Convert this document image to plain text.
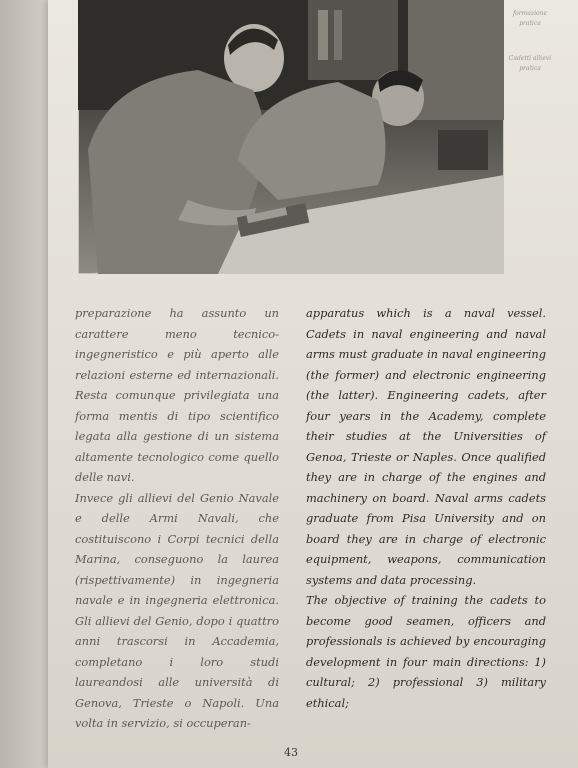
formazione
pratica
Cadetti allievi
pratica

preparazione ha assunto un carattere meno tecnico-ingegneristico e più aperto alle relazioni esterne ed internazionali. Resta comunque privilegiata una forma mentis di tipo scientifico legata alla gestione di un sistema altamente tecnologico come quello delle navi.

Invece gli allievi del Genio Navale e delle Armi Navali, che costituiscono i Corpi tecnici della Marina, conseguono la laurea (rispettivamente) in ingegneria navale e in ingegneria elettronica. Gli allievi del Genio, dopo i quattro anni trascorsi in Accademia, completano i loro studi laureandosi alle università di Genova, Trieste o Napoli. Una volta in servizio, si occuperan-

apparatus which is a naval vessel. Cadets in naval engineering and naval arms must graduate in naval engineering (the former) and electronic engineering (the latter). Engineering cadets, after four years in the Academy, complete their studies at the Universities of Genoa, Trieste or Naples. Once qualified they are in charge of the engines and machinery on board. Naval arms cadets graduate from Pisa University and on board they are in charge of electronic equipment, weapons, communication systems and data processing.

The objective of training the cadets to become good seamen, officers and professionals is achieved by encouraging development in four main directions: 1) cultural; 2) professional 3) military ethical;

43
